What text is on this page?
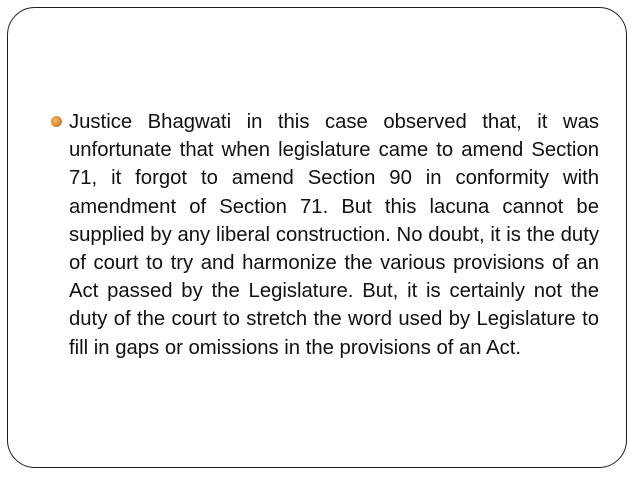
Justice Bhagwati in this case observed that, it was unfortunate that when legislature came to amend Section 71, it forgot to amend Section 90 in conformity with amendment of Section 71. But this lacuna cannot be supplied by any liberal construction. No doubt, it is the duty of court to try and harmonize the various provisions of an Act passed by the Legislature. But, it is certainly not the duty of the court to stretch the word used by Legislature to fill in gaps or omissions in the provisions of an Act.
